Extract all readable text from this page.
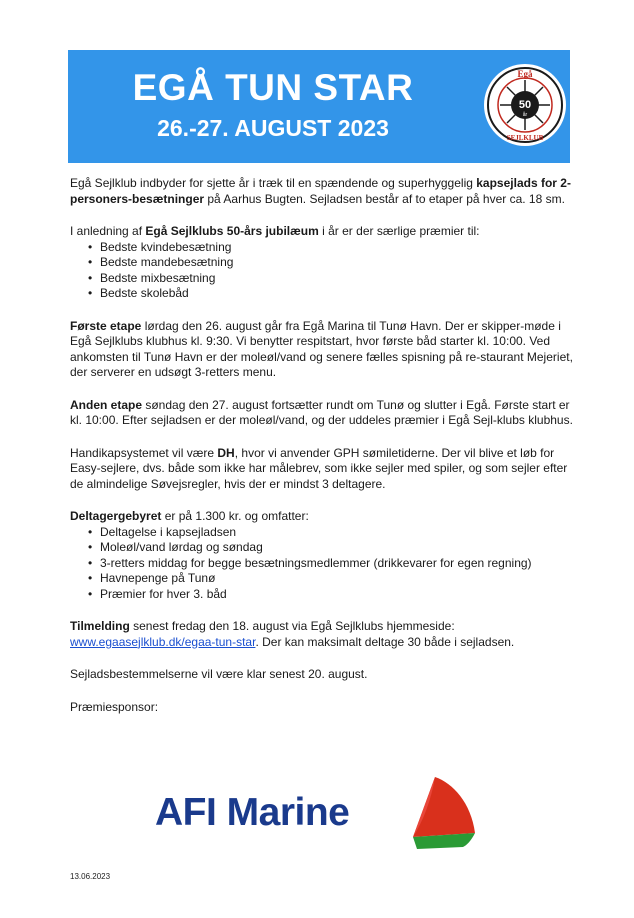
EGÅ TUN STAR
26.-27. AUGUST 2023
50
år
Egå
SEJLKLUB

Egå Sejlklub indbyder for sjette år i træk til en spændende og superhyggelig kapsejlads for 2-personers-besætninger på Aarhus Bugten. Sejladsen består af to etaper på hver ca. 18 sm.

I anledning af Egå Sejlklubs 50-års jubilæum i år er der særlige præmier til:

• Bedste kvindebesætning
• Bedste mandebesætning
• Bedste mixbesætning
• Bedste skolebåd

Første etape lørdag den 26. august går fra Egå Marina til Tunø Havn. Der er skipper-møde i Egå Sejlklubs klubhus kl. 9:30. Vi benytter respitstart, hvor første båd starter kl. 10:00. Ved ankomsten til Tunø Havn er der moleøl/vand og senere fælles spisning på re-staurant Mejeriet, der serverer en udsøgt 3-retters menu.

Anden etape søndag den 27. august fortsætter rundt om Tunø og slutter i Egå. Første start er kl. 10:00. Efter sejladsen er der moleøl/vand, og der uddeles præmier i Egå Sejl-klubs klubhus.

Handikapsystemet vil være DH, hvor vi anvender GPH sømiletiderne. Der vil blive et løb for Easy-sejlere, dvs. både som ikke har målebrev, som ikke sejler med spiler, og som sejler efter de almindelige Søvejsregler, hvis der er mindst 3 deltagere.

Deltagergebyret er på 1.300 kr. og omfatter:

• Deltagelse i kapsejladsen
• Moleøl/vand lørdag og søndag
• 3-retters middag for begge besætningsmedlemmer (drikkevarer for egen regning)
• Havnepenge på Tunø
• Præmier for hver 3. båd

Tilmelding senest fredag den 18. august via Egå Sejlklubs hjemmeside:
www.egaasejlklub.dk/egaa-tun-star. Der kan maksimalt deltage 30 både i sejladsen.

Sejladsbestemmelserne vil være klar senest 20. august.

Præmiesponsor:

AFI Marine
13.06.2023
